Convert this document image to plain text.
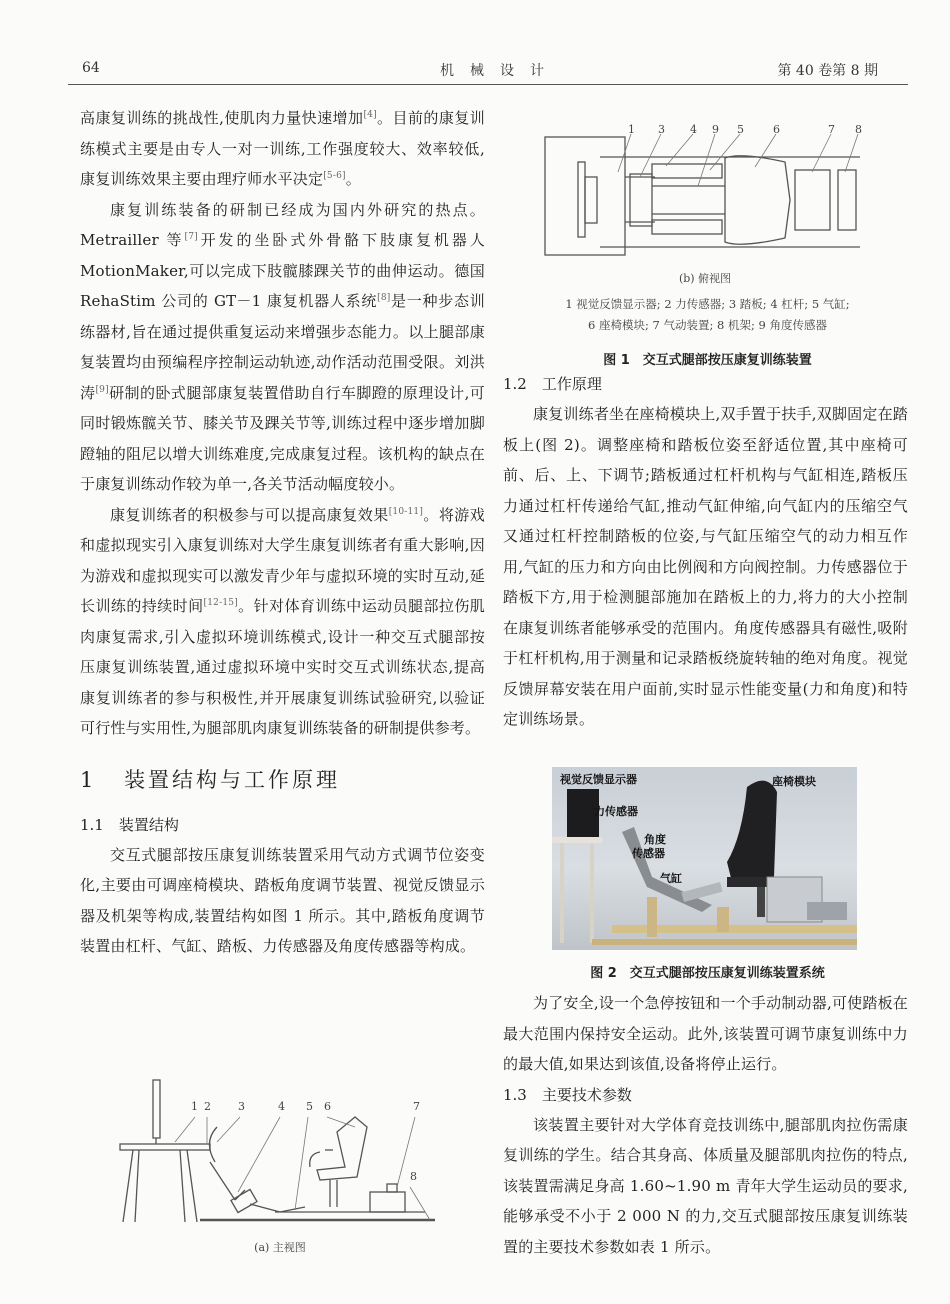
64	机　械　设　计	第 40 卷第 8 期

高康复训练的挑战性,使肌肉力量快速增加[4]。目前的康复训练模式主要是由专人一对一训练,工作强度较大、效率较低,康复训练效果主要由理疗师水平决定[5-6]。

康复训练装备的研制已经成为国内外研究的热点。Metrailler 等[7]开发的坐卧式外骨骼下肢康复机器人 MotionMaker,可以完成下肢髋膝踝关节的曲伸运动。德国 RehaStim 公司的 GT－1 康复机器人系统[8]是一种步态训练器材,旨在通过提供重复运动来增强步态能力。以上腿部康复装置均由预编程序控制运动轨迹,动作活动范围受限。刘洪涛[9]研制的卧式腿部康复装置借助自行车脚蹬的原理设计,可同时锻炼髋关节、膝关节及踝关节等,训练过程中逐步增加脚蹬轴的阻尼以增大训练难度,完成康复过程。该机构的缺点在于康复训练动作较为单一,各关节活动幅度较小。

康复训练者的积极参与可以提高康复效果[10-11]。将游戏和虚拟现实引入康复训练对大学生康复训练者有重大影响,因为游戏和虚拟现实可以激发青少年与虚拟环境的实时互动,延长训练的持续时间[12-15]。针对体育训练中运动员腿部拉伤肌肉康复需求,引入虚拟环境训练模式,设计一种交互式腿部按压康复训练装置,通过虚拟环境中实时交互式训练状态,提高康复训练者的参与积极性,并开展康复训练试验研究,以验证可行性与实用性,为腿部肌肉康复训练装备的研制提供参考。

1 装置结构与工作原理

1.1　装置结构

交互式腿部按压康复训练装置采用气动方式调节位姿变化,主要由可调座椅模块、踏板角度调节装置、视觉反馈显示器及机架等构成,装置结构如图 1 所示。其中,踏板角度调节装置由杠杆、气缸、踏板、力传感器及角度传感器等构成。

1 2 3	4 5 6	7
8
(a) 主视图
1 3 4 9 5	6	7 8
(b) 俯视图
1 视觉反馈显示器; 2 力传感器; 3 踏板; 4 杠杆; 5 气缸;
6 座椅模块; 7 气动装置; 8 机架; 9 角度传感器
图 1　交互式腿部按压康复训练装置

1.2　工作原理

康复训练者坐在座椅模块上,双手置于扶手,双脚固定在踏板上(图 2)。调整座椅和踏板位姿至舒适位置,其中座椅可前、后、上、下调节;踏板通过杠杆机构与气缸相连,踏板压力通过杠杆传递给气缸,推动气缸伸缩,向气缸内的压缩空气又通过杠杆控制踏板的位姿,与气缸压缩空气的动力相互作用,气缸的压力和方向由比例阀和方向阀控制。力传感器位于踏板下方,用于检测腿部施加在踏板上的力,将力的大小控制在康复训练者能够承受的范围内。角度传感器具有磁性,吸附于杠杆机构,用于测量和记录踏板绕旋转轴的绝对角度。视觉反馈屏幕安装在用户面前,实时显示性能变量(力和角度)和特定训练场景。

视觉反馈显示器	座椅模块
力传感器
角度
传感器
气缸
图 2　交互式腿部按压康复训练装置系统

为了安全,设一个急停按钮和一个手动制动器,可使踏板在最大范围内保持安全运动。此外,该装置可调节康复训练中力的最大值,如果达到该值,设备将停止运行。

1.3　主要技术参数

该装置主要针对大学体育竞技训练中,腿部肌肉拉伤需康复训练的学生。结合其身高、体质量及腿部肌肉拉伤的特点,该装置需满足身高 1.60~1.90 m 青年大学生运动员的要求,能够承受不小于 2 000 N 的力,交互式腿部按压康复训练装置的主要技术参数如表 1 所示。
